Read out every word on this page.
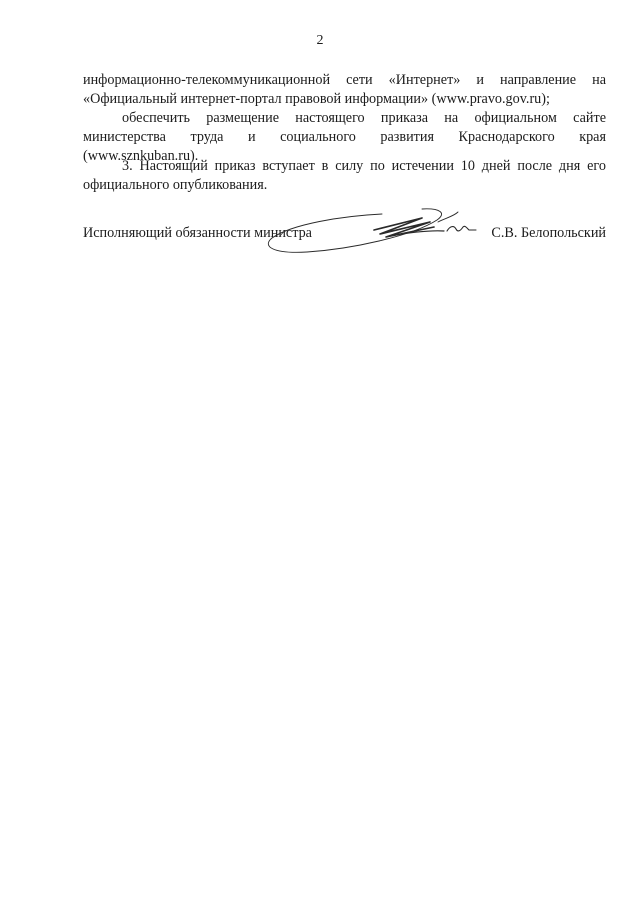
2
информационно-телекоммуникационной сети «Интернет» и направление на
«Официальный интернет-портал правовой информации» (www.pravo.gov.ru);
обеспечить размещение настоящего приказа на официальном сайте
министерства труда и социального развития Краснодарского края
(www.sznkuban.ru).
3. Настоящий приказ вступает в силу по истечении 10 дней после дня его
официального опубликования.
Исполняющий обязанности министра	С.В. Белопольский
